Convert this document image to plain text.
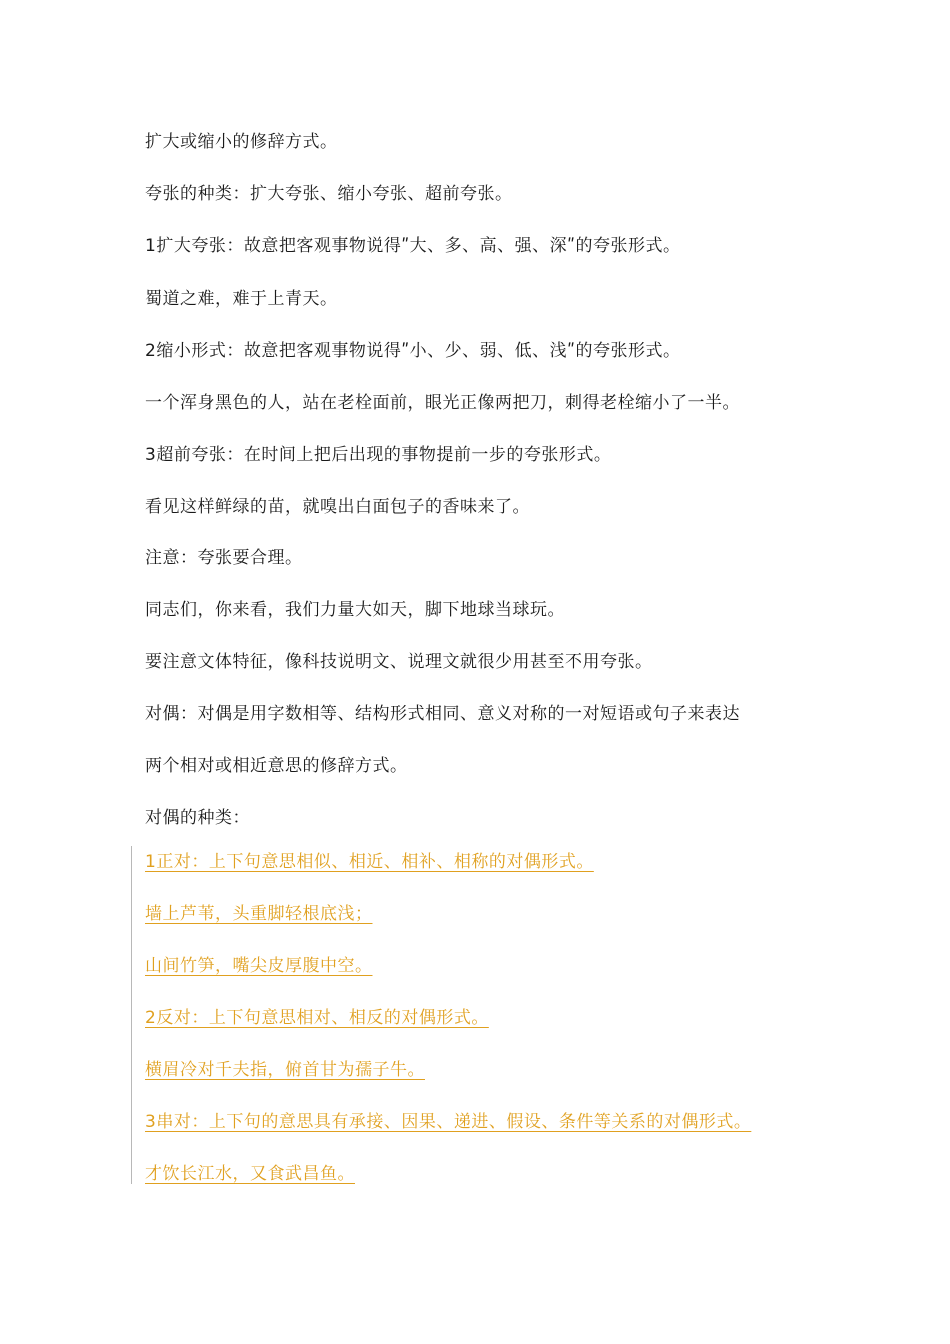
扩大或缩小的修辞方式。
夸张的种类：扩大夸张、缩小夸张、超前夸张。
1扩大夸张：故意把客观事物说得ʺ大、多、高、强、深ʺ的夸张形式。
蜀道之难，难于上青天。
2缩小形式：故意把客观事物说得ʺ小、少、弱、低、浅ʺ的夸张形式。
一个浑身黑色的人，站在老栓面前，眼光正像两把刀，刺得老栓缩小了一半。
3超前夸张：在时间上把后出现的事物提前一步的夸张形式。
看见这样鲜绿的苗，就嗅出白面包子的香味来了。
注意：夸张要合理。
同志们，你来看，我们力量大如天，脚下地球当球玩。
要注意文体特征，像科技说明文、说理文就很少用甚至不用夸张。
对偶：对偶是用字数相等、结构形式相同、意义对称的一对短语或句子来表达
两个相对或相近意思的修辞方式。
对偶的种类：
1正对：上下句意思相似、相近、相补、相称的对偶形式。
墙上芦苇，头重脚轻根底浅；
山间竹笋，嘴尖皮厚腹中空。
2反对：上下句意思相对、相反的对偶形式。
横眉冷对千夫指，俯首甘为孺子牛。
3串对：上下句的意思具有承接、因果、递进、假设、条件等关系的对偶形式。
才饮长江水，又食武昌鱼。
